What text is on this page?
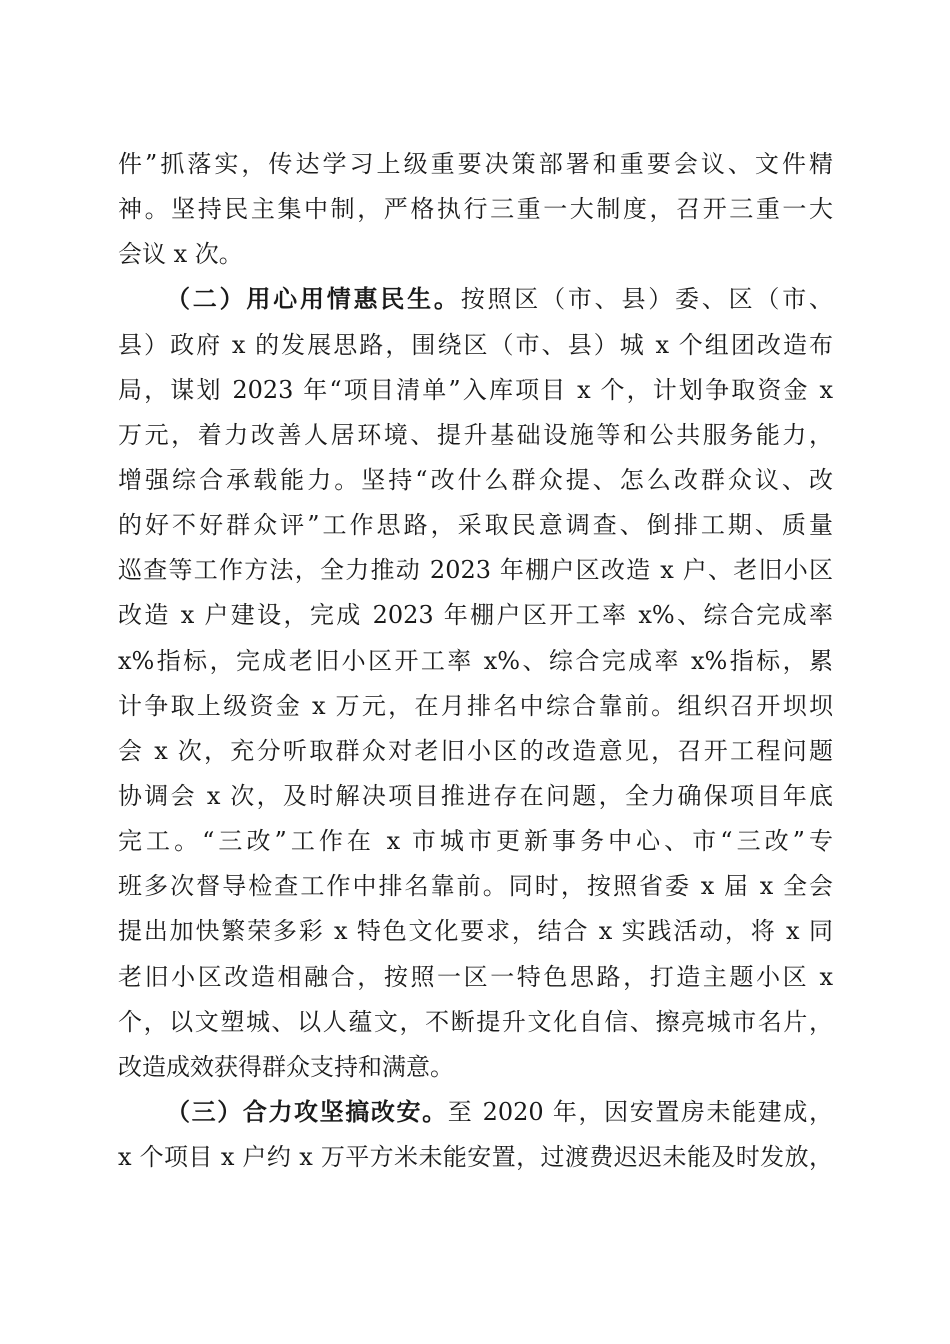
件”抓落实，传达学习上级重要决策部署和重要会议、文件精
神。坚持民主集中制，严格执行三重一大制度，召开三重一大
会议 x 次。
（二）用心用情惠民生。按照区（市、县）委、区（市、
县）政府 x 的发展思路，围绕区（市、县）城 x 个组团改造布
局，谋划 2023 年“项目清单”入库项目 x 个，计划争取资金 x
万元，着力改善人居环境、提升基础设施等和公共服务能力，
增强综合承载能力。坚持“改什么群众提、怎么改群众议、改
的好不好群众评”工作思路，采取民意调查、倒排工期、质量
巡查等工作方法，全力推动 2023 年棚户区改造 x 户、老旧小区
改造 x 户建设，完成 2023 年棚户区开工率 x%、综合完成率
x%指标，完成老旧小区开工率 x%、综合完成率 x%指标，累
计争取上级资金 x 万元，在月排名中综合靠前。组织召开坝坝
会 x 次，充分听取群众对老旧小区的改造意见，召开工程问题
协调会 x 次，及时解决项目推进存在问题，全力确保项目年底
完工。“三改”工作在 x 市城市更新事务中心、市“三改”专
班多次督导检查工作中排名靠前。同时，按照省委 x 届 x 全会
提出加快繁荣多彩 x 特色文化要求，结合 x 实践活动，将 x 同
老旧小区改造相融合，按照一区一特色思路，打造主题小区 x
个，以文塑城、以人蕴文，不断提升文化自信、擦亮城市名片，
改造成效获得群众支持和满意。
（三）合力攻坚搞改安。至 2020 年，因安置房未能建成，
x 个项目 x 户约 x 万平方米未能安置，过渡费迟迟未能及时发放，
